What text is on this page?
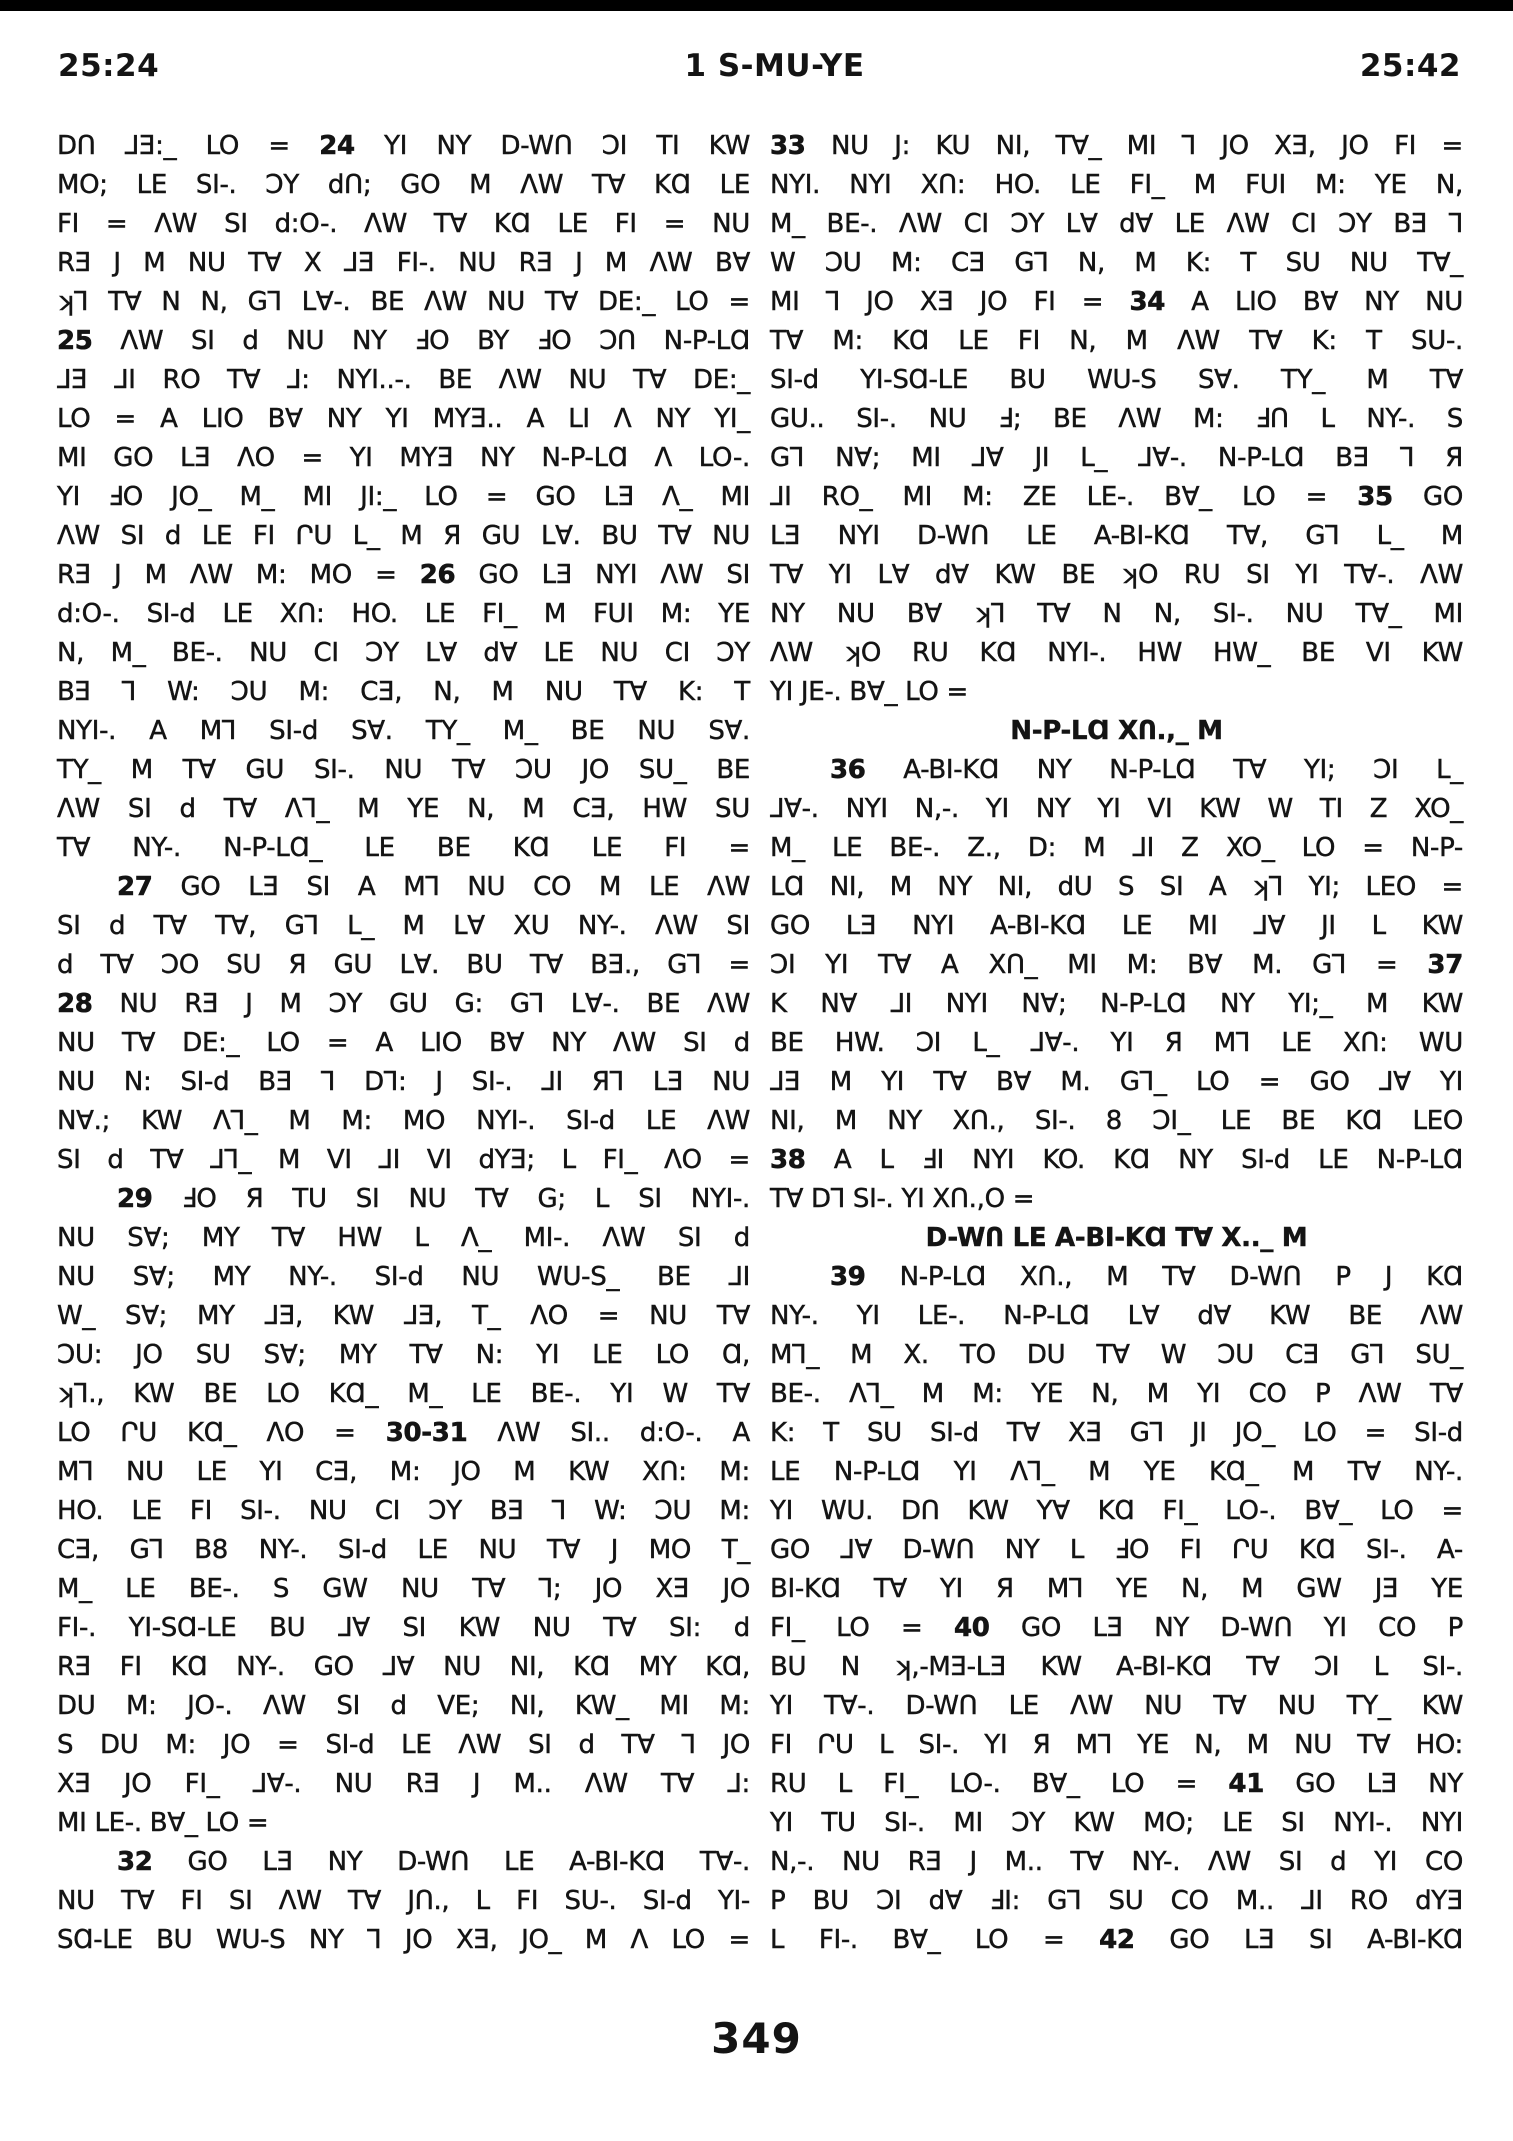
25:24	1 S-MU-YE	25:42
DՈ ⅃Ǝ:_ LO = 24 YI NY D-WՈ ƆI TI KW
MO; LE SI-. ƆY dՈ; GO M ɅW T∀ KⱭ LE
FI = ɅW SI d:O-. ɅW T∀ KⱭ LE FI = NU
RƎ J M NU T∀ X ⅃Ǝ FI-. NU RƎ J M ɅW B∀
ʞ⅂ T∀ N N, G⅂ L∀-. BE ɅW NU T∀ DE:_ LO =
25 ɅW SI d NU NY ℲO BY ℲO ƆՈ N-P-LⱭ
⅃Ǝ ⅃I RO T∀ ⅃: NYI..-. BE ɅW NU T∀ DE:_
LO = A LIO B∀ NY YI MYƎ.. A LI Ʌ NY YI_
MI GO LƎ ɅO = YI MYƎ NY N-P-LⱭ Ʌ LO-.
YI ℲO JO_ M_ MI JI:_ LO = GO LƎ Ʌ_ MI
ɅW SI d LE FI ՐU L_ M Я GU L∀. BU T∀ NU
RƎ J M ɅW M: MO = 26 GO LƎ NYI ɅW SI
d:O-. SI-d LE XՈ: HO. LE FI_ M FUI M: YE
N, M_ BE-. NU CI ƆY L∀ d∀ LE NU CI ƆY
BƎ ⅂ W: ƆU M: CƎ, N, M NU T∀ K: T
NYI-. A M⅂ SI-d S∀. TY_ M_ BE NU S∀.
TY_ M T∀ GU SI-. NU T∀ ƆU JO SU_ BE
ɅW SI d T∀ Ʌ⅂_ M YE N, M CƎ, HW SU
T∀ NY-. N-P-LⱭ_ LE BE KⱭ LE FI =
27 GO LƎ SI A M⅂ NU CO M LE ɅW
SI d T∀ T∀, G⅂ L_ M L∀ XU NY-. ɅW SI
d T∀ ƆO SU Я GU L∀. BU T∀ BƎ., G⅂ =
28 NU RƎ J M ƆY GU G: G⅂ L∀-. BE ɅW
NU T∀ DE:_ LO = A LIO B∀ NY ɅW SI d
NU N: SI-d BƎ ⅂ D⅂: J SI-. ⅃I Я⅂ LƎ NU
N∀.; KW Ʌ⅂_ M M: MO NYI-. SI-d LE ɅW
SI d T∀ ⅃⅂_ M VI ⅃I VI dYƎ; L FI_ ɅO =
29 ℲO Я TU SI NU T∀ G; L SI NYI-.
NU S∀; MY T∀ HW L Ʌ_ MI-. ɅW SI d
NU S∀; MY NY-. SI-d NU WU-S_ BE ⅃I
W_ S∀; MY ⅃Ǝ, KW ⅃Ǝ, T_ ɅO = NU T∀
ƆU: JO SU S∀; MY T∀ N: YI LE LO Ɑ,
ʞ⅂., KW BE LO KⱭ_ M_ LE BE-. YI W T∀
LO ՐU KⱭ_ ɅO = 30-31 ɅW SI.. d:O-. A
M⅂ NU LE YI CƎ, M: JO M KW XՈ: M:
HO. LE FI SI-. NU CI ƆY BƎ ⅂ W: ƆU M:
CƎ, G⅂ B8 NY-. SI-d LE NU T∀ J MO T_
M_ LE BE-. S GW NU T∀ ⅂; JO XƎ JO
FI-. YI-SⱭ-LE BU ⅃∀ SI KW NU T∀ SI: d
RƎ FI KⱭ NY-. GO ⅃∀ NU NI, KⱭ MY KⱭ,
DU M: JO-. ɅW SI d VE; NI, KW_ MI M:
S DU M: JO = SI-d LE ɅW SI d T∀ ⅂ JO
XƎ JO FI_ ⅃∀-. NU RƎ J M.. ɅW T∀ ⅃:
MI LE-. B∀_ LO =
32 GO LƎ NY D-WՈ LE A-BI-KⱭ T∀-.
NU T∀ FI SI ɅW T∀ JՈ., L FI SU-. SI-d YI-
SⱭ-LE BU WU-S NY ⅂ JO XƎ, JO_ M Ʌ LO =
33 NU J: KU NI, T∀_ MI ⅂ JO XƎ, JO FI =
NYI. NYI XՈ: HO. LE FI_ M FUI M: YE N,
M_ BE-. ɅW CI ƆY L∀ d∀ LE ɅW CI ƆY BƎ ⅂
W ƆU M: CƎ G⅂ N, M K: T SU NU T∀_
MI ⅂ JO XƎ JO FI = 34 A LIO B∀ NY NU
T∀ M: KⱭ LE FI N, M ɅW T∀ K: T SU-.
SI-d YI-SⱭ-LE BU WU-S S∀. TY_ M T∀
GU.. SI-. NU Ⅎ; BE ɅW M: ℲՈ L NY-. S
G⅂ N∀; MI ⅃∀ JI L_ ⅃∀-. N-P-LⱭ BƎ ⅂ Я
⅃I RO_ MI M: ZE LE-. B∀_ LO = 35 GO
LƎ NYI D-WՈ LE A-BI-KⱭ T∀, G⅂ L_ M
T∀ YI L∀ d∀ KW BE ʞO RU SI YI T∀-. ɅW
NY NU B∀ ʞ⅂ T∀ N N, SI-. NU T∀_ MI
ɅW ʞO RU KⱭ NYI-. HW HW_ BE VI KW
YI JE-. B∀_ LO =
N-P-LⱭ XՈ.,_ M
36 A-BI-KⱭ NY N-P-LⱭ T∀ YI; ƆI L_
⅃∀-. NYI N,-. YI NY YI VI KW W TI Z XO_
M_ LE BE-. Z., D: M ⅃I Z XO_ LO = N-P-
LⱭ NI, M NY NI, dU S SI A ʞ⅂ YI; LEO =
GO LƎ NYI A-BI-KⱭ LE MI ⅃∀ JI L KW
ƆI YI T∀ A XՈ_ MI M: B∀ M. G⅂ = 37
K N∀ ⅃I NYI N∀; N-P-LⱭ NY YI;_ M KW
BE HW. ƆI L_ ⅃∀-. YI Я M⅂ LE XՈ: WU
⅃Ǝ M YI T∀ B∀ M. G⅂_ LO = GO ⅃∀ YI
NI, M NY XՈ., SI-. 8 ƆI_ LE BE KⱭ LEO
38 A L ℲI NYI KO. KⱭ NY SI-d LE N-P-LⱭ
T∀ D⅂ SI-. YI XՈ.,O =
D-WՈ LE A-BI-KⱭ T∀ X.._ M
39 N-P-LⱭ XՈ., M T∀ D-WՈ P J KⱭ
NY-. YI LE-. N-P-LⱭ L∀ d∀ KW BE ɅW
M⅂_ M X. TO DU T∀ W ƆU CƎ G⅂ SU_
BE-. Ʌ⅂_ M M: YE N, M YI CO P ɅW T∀
K: T SU SI-d T∀ XƎ G⅂ JI JO_ LO = SI-d
LE N-P-LⱭ YI Ʌ⅂_ M YE KⱭ_ M T∀ NY-.
YI WU. DՈ KW Y∀ KⱭ FI_ LO-. B∀_ LO =
GO ⅃∀ D-WՈ NY L ℲO FI ՐU KⱭ SI-. A-
BI-KⱭ T∀ YI Я M⅂ YE N, M GW JƎ YE
FI_ LO = 40 GO LƎ NY D-WՈ YI CO P
BU N ʞ,-MƎ-LƎ KW A-BI-KⱭ T∀ ƆI L SI-.
YI T∀-. D-WՈ LE ɅW NU T∀ NU TY_ KW
FI ՐU L SI-. YI Я M⅂ YE N, M NU T∀ HO:
RU L FI_ LO-. B∀_ LO = 41 GO LƎ NY
YI TU SI-. MI ƆY KW MO; LE SI NYI-. NYI
N,-. NU RƎ J M.. T∀ NY-. ɅW SI d YI CO
P BU ƆI d∀ ℲI: G⅂ SU CO M.. ⅃I RO dYƎ
L FI-. B∀_ LO = 42 GO LƎ SI A-BI-KⱭ
349
